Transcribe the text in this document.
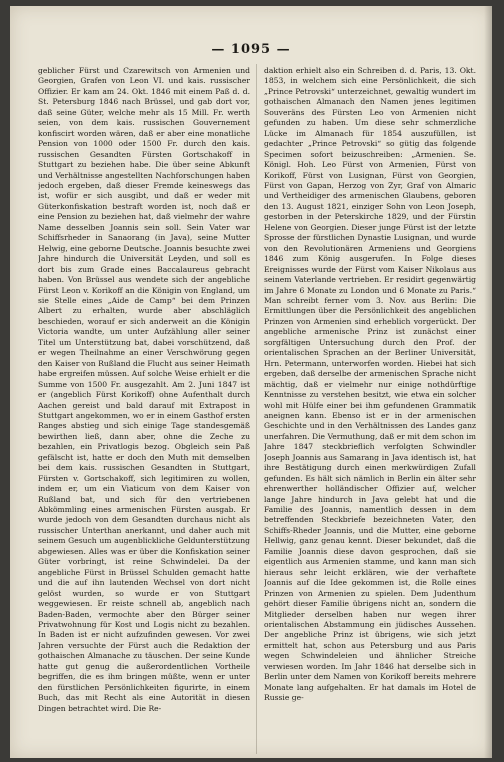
— 1095 —
geblicher Fürst und Czarewitsch von Armenien und Georgien, Grafen von Leon VI. und kais. russischer Offizier. Er kam am 24. Okt. 1846 mit einem Paß d. d. St. Petersburg 1846 nach Brüssel, und gab dort vor, daß seine Güter, welche mehr als 15 Mill. Fr. werth seien, von dem kais. russischen Gouvernement konfiscirt worden wären, daß er aber eine monatliche Pension von 1000 oder 1500 Fr. durch den kais. russischen Gesandten Fürsten Gortschakoff in Stuttgart zu beziehen habe. Die über seine Abkunft und Verhältnisse angestellten Nachforschungen haben jedoch ergeben, daß dieser Fremde keineswegs das ist, wofür er sich ausgibt, und daß er weder mit Güterkonfiskation bestraft worden ist, noch daß er eine Pension zu beziehen hat, daß vielmehr der wahre Name desselben Joannis sein soll. Sein Vater war Schiffsrheder in Sanaorang (in Java), seine Mutter Helwig, eine geborne Deutsche. Joannis besuchte zwei Jahre hindurch die Universität Leyden, und soll es dort bis zum Grade eines Baccalaureus gebracht haben. Von Brüssel aus wendete sich der angebliche Fürst Leon v. Korikoff an die Königin von England, um sie Stelle eines „Aide de Camp“ bei dem Prinzen Albert zu erhalten, wurde aber abschläglich beschieden, worauf er sich anderweit an die Königin Victoria wandte, um unter Aufzählung aller seiner Titel um Unterstützung bat, dabei vorschützend, daß er wegen Theilnahme an einer Verschwörung gegen den Kaiser von Rußland die Flucht aus seiner Heimath habe ergreifen müssen. Auf solche Weise erhielt er die Summe von 1500 Fr. ausgezahlt. Am 2. Juni 1847 ist er (angeblich Fürst Korikoff) ohne Aufenthalt durch Aachen gereist und bald darauf mit Extrapost in Stuttgart angekommen, wo er in einem Gasthof ersten Ranges abstieg und sich einige Tage standesgemäß bewirthen ließ, dann aber, ohne die Zeche zu bezahlen, ein Privatlogis bezog. Obgleich sein Paß gefälscht ist, hatte er doch den Muth mit demselben bei dem kais. russischen Gesandten in Stuttgart, Fürsten v. Gortschakoff, sich legitimiren zu wollen, indem er, um ein Viaticum von dem Kaiser von Rußland bat, und sich für den vertriebenen Abkömmling eines armenischen Fürsten ausgab. Er wurde jedoch von dem Gesandten durchaus nicht als russischer Unterthan anerkannt, und daher auch mit seinem Gesuch um augenblickliche Geldunterstützung abgewiesen. Alles was er über die Konfiskation seiner Güter vorbringt, ist reine Schwindelei. Da der angebliche Fürst in Brüssel Schulden gemacht hatte und die auf ihn lautenden Wechsel von dort nicht gelöst wurden, so wurde er von Stuttgart weggewiesen. Er reiste schnell ab, angeblich nach Baden-Baden, vermochte aber den Bürger seiner Privatwohnung für Kost und Logis nicht zu bezahlen. In Baden ist er nicht aufzufinden gewesen. Vor zwei Jahren versuchte der Fürst auch die Redaktion der gothaischen Almanache zu täuschen. Der seine Kunde hatte gut genug die außerordentlichen Vortheile begriffen, die es ihm bringen müßte, wenn er unter den fürstlichen Persönlichkeiten figurirte, in einem Buch, das mit Recht als eine Autorität in diesen Dingen betrachtet wird. Die Re-
daktion erhielt also ein Schreiben d. d. Paris, 13. Okt. 1853, in welchem sich eine Persönlichkeit, die sich „Prince Petrovski“ unterzeichnet, gewaltig wundert im gothaischen Almanach den Namen jenes legitimen Souveräns des Fürsten Leo von Armenien nicht gefunden zu haben. Um diese sehr schmerzliche Lücke im Almanach für 1854 auszufüllen, ist gedachter „Prince Petrovski“ so gütig das folgende Specimen sofort beizuschreiben: „Armenien. Se. Königl. Hoh. Leo Fürst von Armenien, Fürst von Korikoff, Fürst von Lusignan, Fürst von Georgien, Fürst von Gapan, Herzog von Zyr, Graf von Almaric und Vertheidiger des armenischen Glaubens, geboren den 13. August 1821, einziger Sohn von Leon Joseph, gestorben in der Peterskirche 1829, und der Fürstin Helene von Georgien. Dieser junge Fürst ist der letzte Sprosse der fürstlichen Dynastie Lusignan, und wurde von den Revolutionären Armeniens und Georgiens 1846 zum König ausgerufen. In Folge dieses Ereignisses wurde der Fürst vom Kaiser Nikolaus aus seinem Vaterlande vertrieben. Er residirt gegenwärtig im Jahre 6 Monate zu London und 6 Monate zu Paris.“ Man schreibt ferner vom 3. Nov. aus Berlin: Die Ermittlungen über die Persönlichkeit des angeblichen Prinzen von Armenien sind erheblich vorgerückt. Der angebliche armenische Prinz ist zunächst einer sorgfältigen Untersuchung durch den Prof. der orientalischen Sprachen an der Berliner Universität, Hrn. Petermann, unterworfen worden. Hiebei hat sich ergeben, daß derselbe der armenischen Sprache nicht mächtig, daß er vielmehr nur einige nothdürftige Kenntnisse zu verstehen besitzt, wie etwa ein solcher wohl mit Hülfe einer bei ihm gefundenen Grammatik aneignen kann. Ebenso ist er in der armenischen Geschichte und in den Verhältnissen des Landes ganz unerfahren. Die Vermuthung, daß er mit dem schon im Jahre 1847 steckbrieflich verfolgten Schwindler Joseph Joannis aus Samarang in Java identisch ist, hat ihre Bestätigung durch einen merkwürdigen Zufall gefunden. Es hält sich nämlich in Berlin ein älter sehr ehrenwerther holländischer Offizier auf, welcher lange Jahre hindurch in Java gelebt hat und die Familie des Joannis, namentlich dessen in dem betreffenden Steckbriefe bezeichneten Vater, den Schiffs-Rheder Joannis, und die Mutter, eine geborne Hellwig, ganz genau kennt. Dieser bekundet, daß die Familie Joannis diese davon gesprochen, daß sie eigentlich aus Armenien stamme, und kann man sich hieraus sehr leicht erklären, wie der verhaftete Joannis auf die Idee gekommen ist, die Rolle eines Prinzen von Armenien zu spielen. Dem Judenthum gehört dieser Familie übrigens nicht an, sondern die Mitglieder derselben haben nur wegen ihrer orientalischen Abstammung ein jüdisches Aussehen. Der angebliche Prinz ist übrigens, wie sich jetzt ermittelt hat, schon aus Petersburg und aus Paris wegen Schwindeleien und ähnlicher Streiche verwiesen worden. Im Jahr 1846 hat derselbe sich in Berlin unter dem Namen von Korikoff bereits mehrere Monate lang aufgehalten. Er hat damals im Hotel de Russie ge-
